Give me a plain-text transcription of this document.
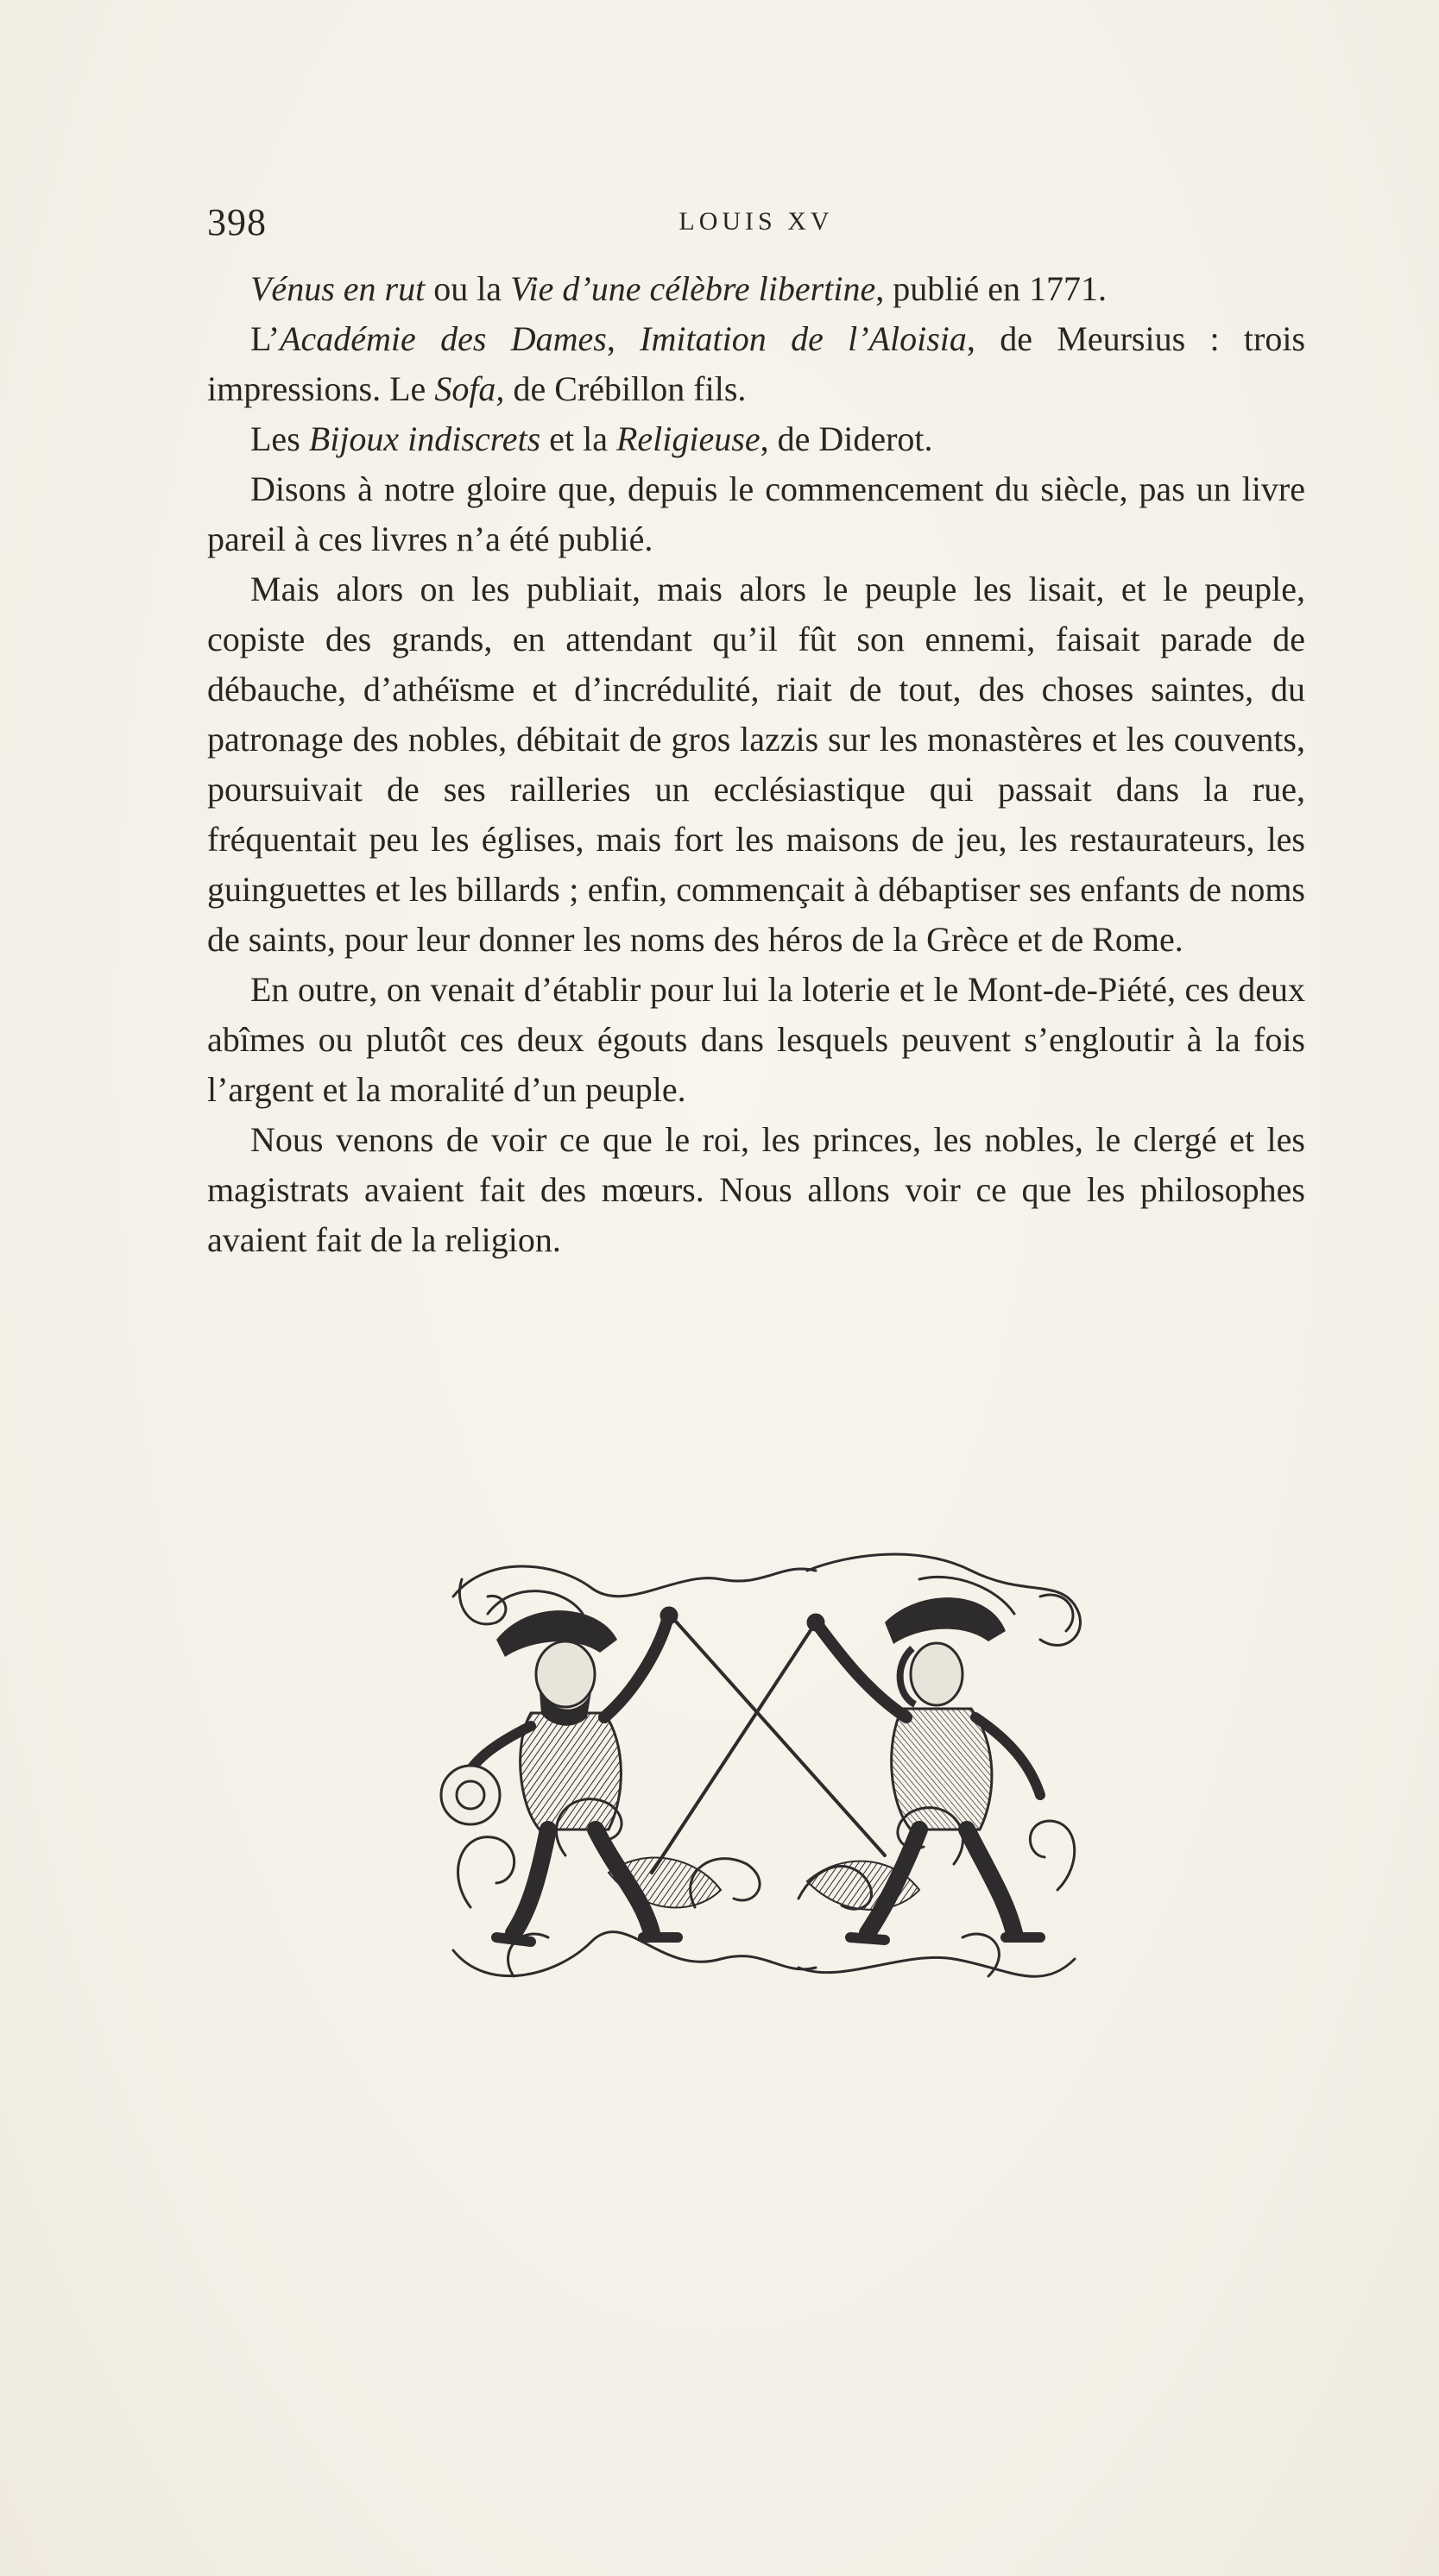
398	LOUIS XV

Vénus en rut ou la Vie d’une célèbre libertine, publié en 1771.

L’Académie des Dames, Imitation de l’Aloisia, de Meursius : trois impressions. Le Sofa, de Crébillon fils.

Les Bijoux indiscrets et la Religieuse, de Diderot.

Disons à notre gloire que, depuis le commencement du siècle, pas un livre pareil à ces livres n’a été publié.

Mais alors on les publiait, mais alors le peuple les lisait, et le peuple, copiste des grands, en attendant qu’il fût son ennemi, faisait parade de débauche, d’athéïsme et d’incrédulité, riait de tout, des choses saintes, du patronage des nobles, débitait de gros lazzis sur les monastères et les couvents, poursuivait de ses railleries un ecclésiastique qui passait dans la rue, fréquentait peu les églises, mais fort les maisons de jeu, les restaurateurs, les guinguettes et les billards ; enfin, commençait à débaptiser ses enfants de noms de saints, pour leur donner les noms des héros de la Grèce et de Rome.

En outre, on venait d’établir pour lui la loterie et le Mont-de-Piété, ces deux abîmes ou plutôt ces deux égouts dans lesquels peuvent s’engloutir à la fois l’argent et la moralité d’un peuple.

Nous venons de voir ce que le roi, les princes, les nobles, le clergé et les magistrats avaient fait des mœurs. Nous allons voir ce que les philosophes avaient fait de la religion.
